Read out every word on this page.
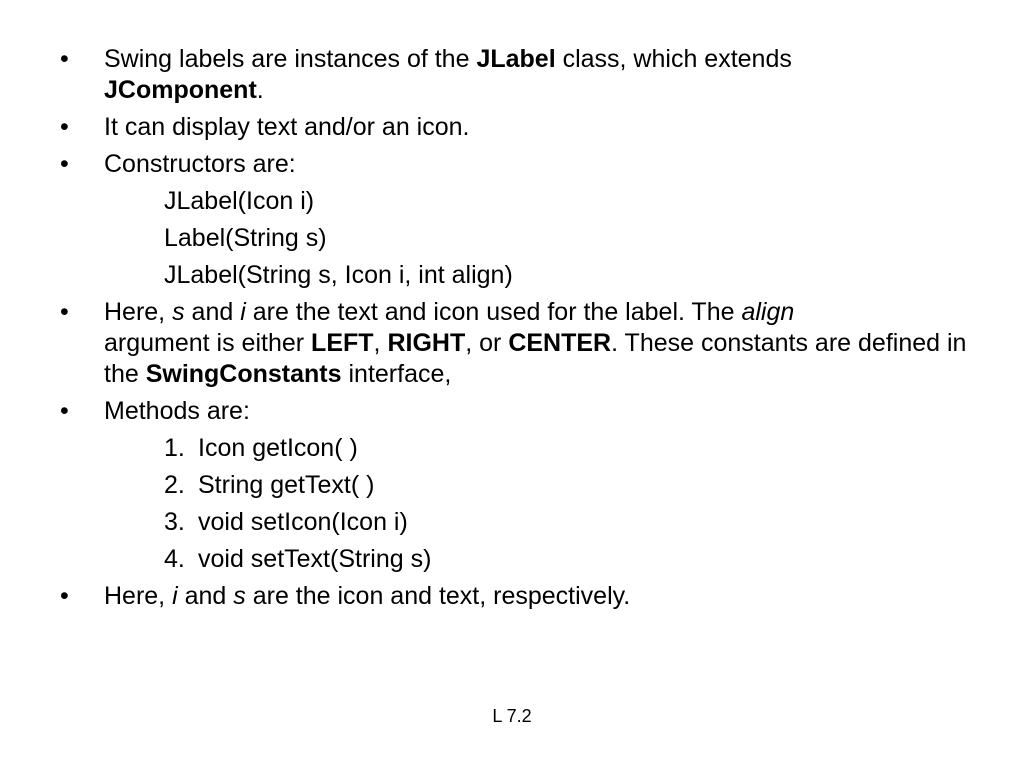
•	Swing labels are instances of the JLabel class, which extends
JComponent.
•	It can display text and/or an icon.
•	Constructors are:
JLabel(Icon i)
Label(String s)
JLabel(String s, Icon i, int align)
•	Here, s and i are the text and icon used for the label. The align
argument is either LEFT, RIGHT, or CENTER. These constants are defined in the SwingConstants interface,
•	Methods are:
1. Icon getIcon( )
2. String getText( )
3. void setIcon(Icon i)
4. void setText(String s)
•	Here, i and s are the icon and text, respectively.
L 7.2
